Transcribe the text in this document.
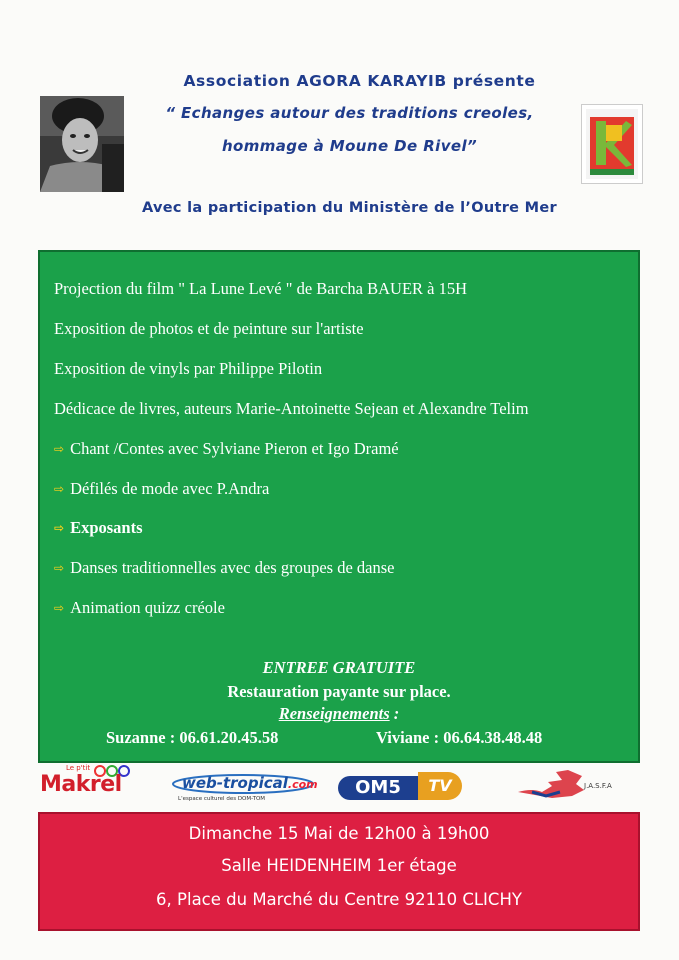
Association AGORA KARAYIB présente
“ Echanges autour des traditions creoles,
hommage à Moune De Rivel”
Avec la participation du Ministère de l’Outre Mer
Projection du film " La Lune Levé " de Barcha BAUER à 15H
Exposition de photos et de peinture sur l'artiste
Exposition de vinyls par Philippe Pilotin
Dédicace de livres, auteurs Marie-Antoinette Sejean et Alexandre Telim
⇨ Chant /Contes avec Sylviane Pieron et Igo Dramé
⇨ Défilés de mode avec P.Andra
⇨ Exposants
⇨ Danses traditionnelles avec des groupes de danse
⇨ Animation quizz créole
ENTREE GRATUITE
Restauration payante sur place.
Renseignements :
Suzanne : 06.61.20.45.58	Viviane : 06.64.38.48.48
Le p'tit
Makrel	web-tropical.com
L'espace culturel des DOM-TOM
OM5	TV	J.A.S.F.A
Dimanche 15 Mai de 12h00 à 19h00
Salle HEIDENHEIM 1er étage
6, Place du Marché du Centre 92110 CLICHY
